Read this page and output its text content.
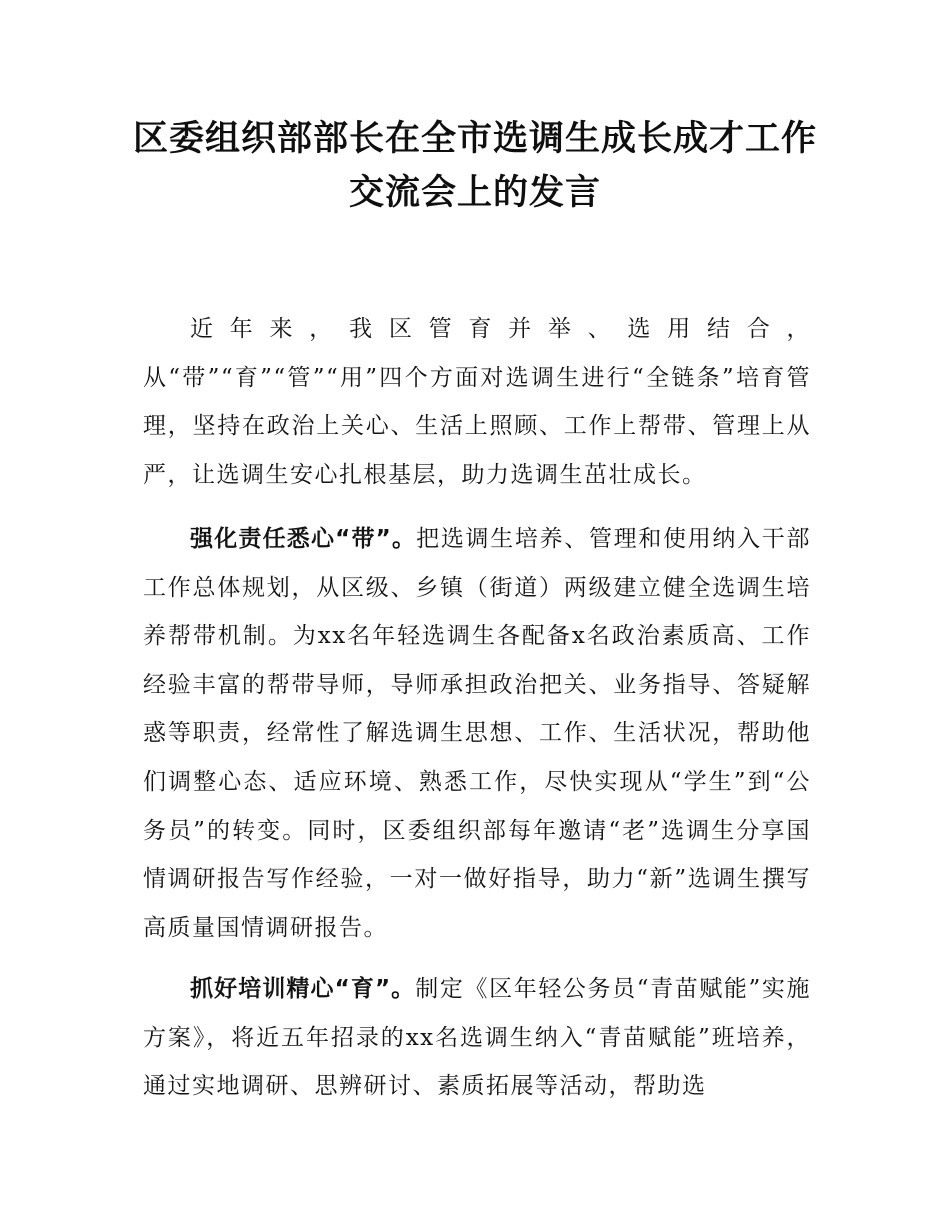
区委组织部部长在全市选调生成长成才工作
交流会上的发言

近年来，我区管育并举、选用结合，从“带”“育”“管”“用”四个方面对选调生进行“全链条”培育管理，坚持在政治上关心、生活上照顾、工作上帮带、管理上从严，让选调生安心扎根基层，助力选调生茁壮成长。

强化责任悉心“带”。把选调生培养、管理和使用纳入干部工作总体规划，从区级、乡镇（街道）两级建立健全选调生培养帮带机制。为xx名年轻选调生各配备x名政治素质高、工作经验丰富的帮带导师，导师承担政治把关、业务指导、答疑解惑等职责，经常性了解选调生思想、工作、生活状况，帮助他们调整心态、适应环境、熟悉工作，尽快实现从“学生”到“公务员”的转变。同时，区委组织部每年邀请“老”选调生分享国情调研报告写作经验，一对一做好指导，助力“新”选调生撰写高质量国情调研报告。

抓好培训精心“育”。制定《区年轻公务员“青苗赋能”实施方案》，将近五年招录的xx名选调生纳入“青苗赋能”班培养，通过实地调研、思辨研讨、素质拓展等活动，帮助选
